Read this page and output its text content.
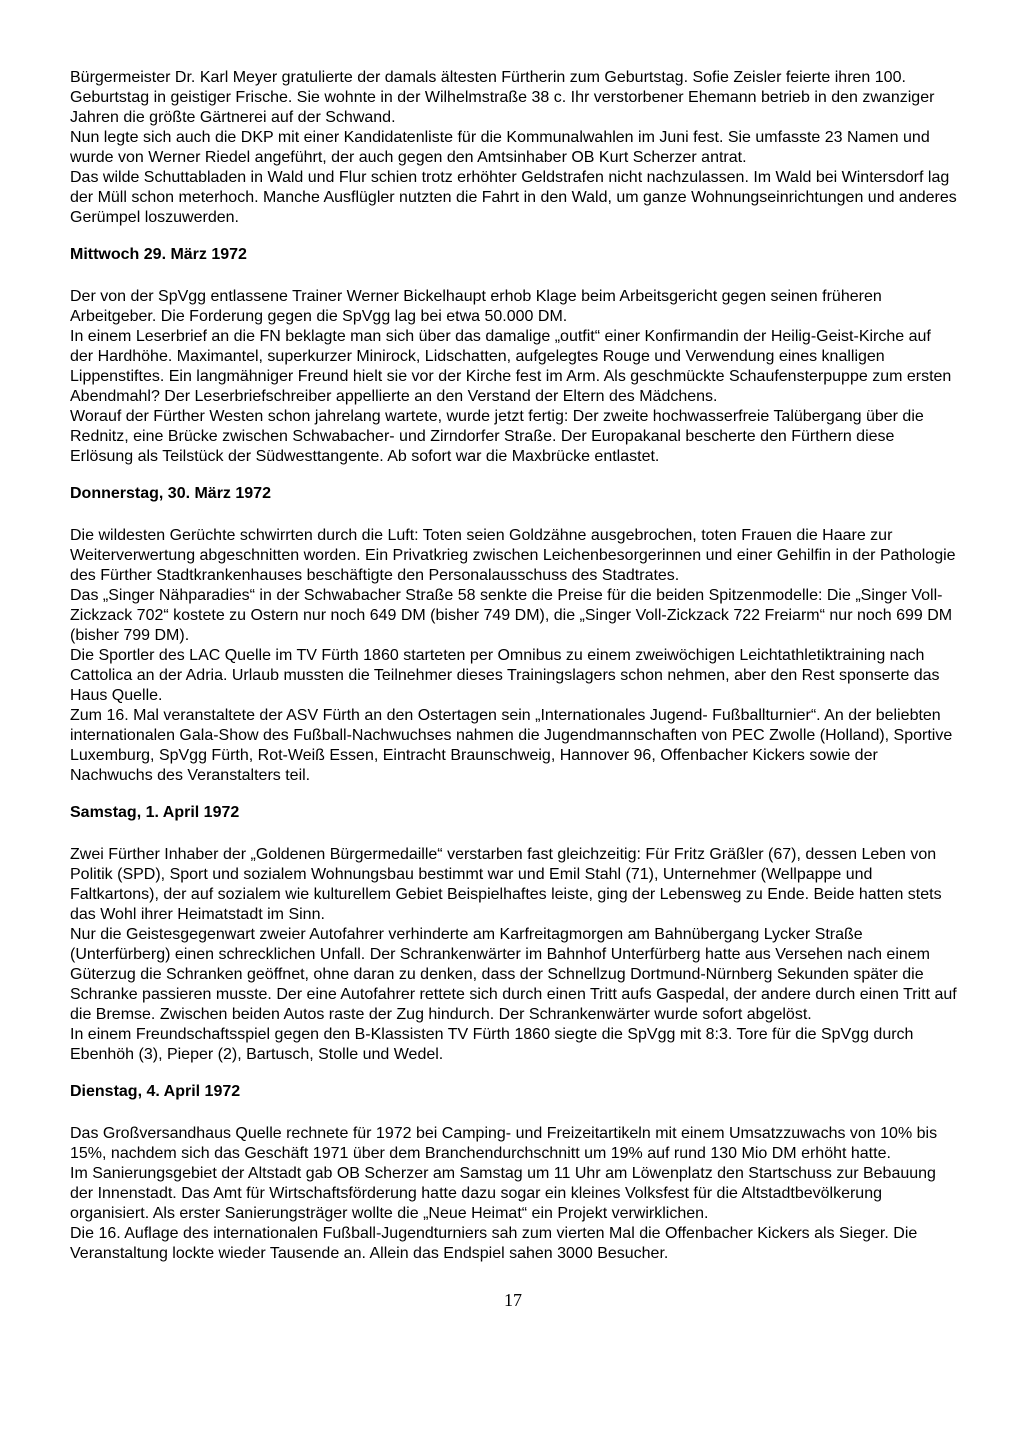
Bürgermeister Dr. Karl Meyer gratulierte der damals ältesten Fürtherin zum Geburtstag. Sofie Zeisler feierte ihren 100. Geburtstag in geistiger Frische. Sie wohnte in der Wilhelmstraße 38 c. Ihr verstorbener Ehemann betrieb in den zwanziger Jahren die größte Gärtnerei auf der Schwand.

Nun legte sich auch die DKP mit einer Kandidatenliste für die Kommunalwahlen im Juni fest. Sie umfasste 23 Namen und wurde von Werner Riedel angeführt, der auch gegen den Amtsinhaber OB Kurt Scherzer antrat.

Das wilde Schuttabladen in Wald und Flur schien trotz erhöhter Geldstrafen nicht nachzulassen. Im Wald bei Wintersdorf lag der Müll schon meterhoch. Manche Ausflügler nutzten die Fahrt in den Wald, um ganze Wohnungseinrichtungen und anderes Gerümpel loszuwerden.

Mittwoch 29. März 1972

Der von der SpVgg entlassene Trainer Werner Bickelhaupt erhob Klage beim Arbeitsgericht gegen seinen früheren Arbeitgeber. Die Forderung gegen die SpVgg lag bei etwa 50.000 DM.

In einem Leserbrief an die FN beklagte man sich über das damalige „outfit“ einer Konfirmandin der Heilig-Geist-Kirche auf der Hardhöhe. Maximantel, superkurzer Minirock, Lidschatten, aufgelegtes Rouge und Verwendung eines knalligen Lippenstiftes. Ein langmähniger Freund hielt sie vor der Kirche fest im Arm. Als geschmückte Schaufensterpuppe zum ersten Abendmahl? Der Leserbriefschreiber appellierte an den Verstand der Eltern des Mädchens.

Worauf der Fürther Westen schon jahrelang wartete, wurde jetzt fertig: Der zweite hochwasserfreie Talübergang über die Rednitz, eine Brücke zwischen Schwabacher- und Zirndorfer Straße. Der Europakanal bescherte den Fürthern diese Erlösung als Teilstück der Südwesttangente. Ab sofort war die Maxbrücke entlastet.

Donnerstag, 30. März 1972

Die wildesten Gerüchte schwirrten durch die Luft: Toten seien Goldzähne ausgebrochen, toten Frauen die Haare zur Weiterverwertung abgeschnitten worden. Ein Privatkrieg zwischen Leichenbesorgerinnen und einer Gehilfin in der Pathologie des Fürther Stadtkrankenhauses beschäftigte den Personalausschuss des Stadtrates.

Das „Singer Nähparadies“ in der Schwabacher Straße 58 senkte die Preise für die beiden Spitzenmodelle: Die „Singer Voll-Zickzack 702“ kostete zu Ostern nur noch 649 DM (bisher 749 DM), die „Singer Voll-Zickzack 722 Freiarm“ nur noch 699 DM (bisher 799 DM).

Die Sportler des LAC Quelle im TV Fürth 1860 starteten per Omnibus zu einem zweiwöchigen Leichtathletiktraining nach Cattolica an der Adria. Urlaub mussten die Teilnehmer dieses Trainingslagers schon nehmen, aber den Rest sponserte das Haus Quelle.

Zum 16. Mal veranstaltete der ASV Fürth an den Ostertagen sein „Internationales Jugend- Fußballturnier“. An der beliebten internationalen Gala-Show des Fußball-Nachwuchses nahmen die Jugendmannschaften von PEC Zwolle (Holland), Sportive Luxemburg, SpVgg Fürth, Rot-Weiß Essen, Eintracht Braunschweig, Hannover 96, Offenbacher Kickers sowie der Nachwuchs des Veranstalters teil.

Samstag, 1. April 1972

Zwei Fürther Inhaber der „Goldenen Bürgermedaille“ verstarben fast gleichzeitig: Für Fritz Gräßler (67), dessen Leben von Politik (SPD), Sport und sozialem Wohnungsbau bestimmt war und Emil Stahl (71), Unternehmer (Wellpappe und Faltkartons), der auf sozialem wie kulturellem Gebiet Beispielhaftes leiste, ging der Lebensweg zu Ende. Beide hatten stets das Wohl ihrer Heimatstadt im Sinn.

Nur die Geistesgegenwart zweier Autofahrer verhinderte am Karfreitagmorgen am Bahnübergang Lycker Straße (Unterfürberg) einen schrecklichen Unfall. Der Schrankenwärter im Bahnhof Unterfürberg hatte aus Versehen nach einem Güterzug die Schranken geöffnet, ohne daran zu denken, dass der Schnellzug Dortmund-Nürnberg Sekunden später die Schranke passieren musste. Der eine Autofahrer rettete sich durch einen Tritt aufs Gaspedal, der andere durch einen Tritt auf die Bremse. Zwischen beiden Autos raste der Zug hindurch. Der Schrankenwärter wurde sofort abgelöst.

In einem Freundschaftsspiel gegen den B-Klassisten TV Fürth 1860 siegte die SpVgg mit 8:3. Tore für die SpVgg durch Ebenhöh (3), Pieper (2), Bartusch, Stolle und Wedel.

Dienstag, 4. April 1972

Das Großversandhaus Quelle rechnete für 1972 bei Camping- und Freizeitartikeln mit einem Umsatzzuwachs von 10% bis 15%, nachdem sich das Geschäft 1971 über dem Branchendurchschnitt um 19% auf rund 130 Mio DM erhöht hatte.

Im Sanierungsgebiet der Altstadt gab OB Scherzer am Samstag um 11 Uhr am Löwenplatz den Startschuss zur Bebauung der Innenstadt. Das Amt für Wirtschaftsförderung hatte dazu sogar ein kleines Volksfest für die Altstadtbevölkerung organisiert. Als erster Sanierungsträger wollte die „Neue Heimat“ ein Projekt verwirklichen.

Die 16. Auflage des internationalen Fußball-Jugendturniers sah zum vierten Mal die Offenbacher Kickers als Sieger. Die Veranstaltung lockte wieder Tausende an. Allein das Endspiel sahen 3000 Besucher.

17
